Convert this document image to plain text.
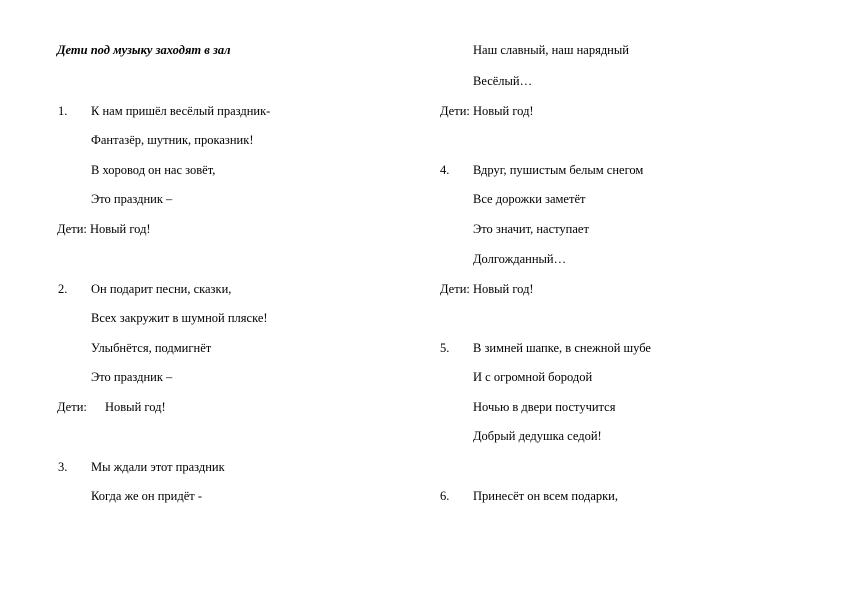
Дети под музыку заходят в зал
1. К нам пришёл весёлый праздник-
Фантазёр, шутник, проказник!
В хоровод он нас зовёт,
Это праздник –
Дети: Новый год!
2. Он подарит песни, сказки,
Всех закружит в шумной пляске!
Улыбнётся, подмигнёт
Это праздник –
Дети: Новый год!
3. Мы ждали этот праздник
Когда же он придёт -
Наш славный, наш нарядный
Весёлый…
Дети: Новый год!
4. Вдруг, пушистым белым снегом
Все дорожки заметёт
Это значит, наступает
Долгожданный…
Дети: Новый год!
5. В зимней шапке, в снежной шубе
И с огромной бородой
Ночью в двери постучится
Добрый дедушка седой!
6. Принесёт он всем подарки,
